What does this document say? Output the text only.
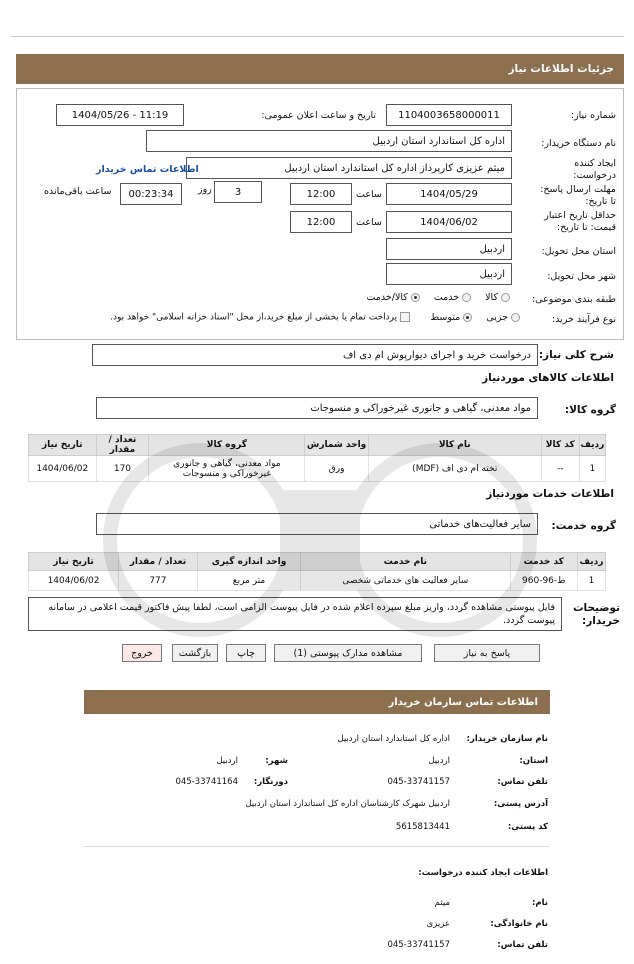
جزئیات اطلاعات نیاز
شماره نیاز:
1104003658000011
تاریخ و ساعت اعلان عمومی:
1404/05/26 - 11:19
نام دستگاه خریدار:
اداره کل استاندارد استان اردبیل
ایجاد کننده درخواست:
میثم عزیزی کارپرداز اداره کل استاندارد استان اردبیل
اطلاعات تماس خریدار
مهلت ارسال پاسخ: تا تاریخ:
1404/05/29
ساعت
12:00
روز	3
00:23:34
ساعت باقی‌مانده
حداقل تاریخ اعتبار قیمت: تا تاریخ:
1404/06/02
ساعت
12:00
استان محل تحویل:
اردبیل
شهر محل تحویل:
اردبیل
طبقه بندی موضوعی:
کالا
خدمت
کالا/خدمت
نوع فرآیند خرید:
جزیی
متوسط
پرداخت تمام یا بخشی از مبلغ خرید،از محل "اسناد خزانه اسلامی" خواهد بود.
شرح کلی نیاز:
درخواست خرید و اجرای دیوارپوش ام دی اف
اطلاعات کالاهای موردنیاز
گروه کالا:
مواد معدنی، گیاهی و جانوری غیرخوراکی و منسوجات
ردیف	کد کالا	نام کالا	واحد شمارش	گروه کالا	تعداد / مقدار	تاریخ نیاز
1	--	تخته ام دی اف (MDF)	ورق	مواد معدنی، گیاهی و جانوری غیرخوراکی و منسوجات	170	1404/06/02
اطلاعات خدمات موردنیاز
گروه خدمت:
سایر فعالیت‌های خدماتی
ردیف	کد خدمت	نام خدمت	واحد اندازه گیری	تعداد / مقدار	تاریخ نیاز
1	ط-96-960	سایر فعالیت های خدماتی شخصی	متر مربع	777	1404/06/02
توضیحات خریدار:
فایل پیوستی مشاهده گردد، واریز مبلغ سپرده اعلام شده در فایل پیوست الزامی است، لطفا پیش فاکتور قیمت اعلامی در سامانه پیوست گردد.
پاسخ به نیاز
مشاهده مدارک پیوستی (1)
چاپ
بازگشت
خروج
اطلاعات تماس سازمان خریدار
نام سازمان خریدار:
اداره کل استاندارد استان اردبیل
استان:
اردبیل
شهر:
اردبیل
تلفن تماس:
045-33741157
دورنگار:
045-33741164
آدرس پستی:
اردبیل شهرک کارشناسان اداره کل استاندارد استان اردبیل
کد پستی:
5615813441
اطلاعات ایجاد کننده درخواست:
نام:
میثم
نام خانوادگی:
عزیزی
تلفن تماس:
045-33741157
